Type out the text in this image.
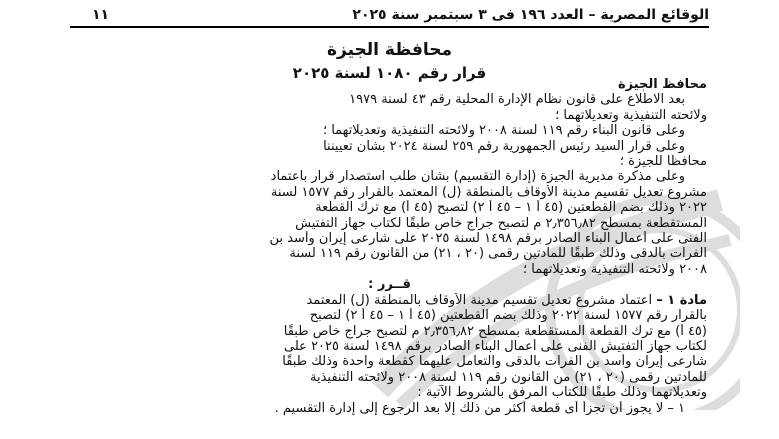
١١	الوقائع المصرية – العدد ١٩٦ فى ٣ سبتمبر سنة ٢٠٢٥
محافظة الجيزة
قرار رقم ١٠٨٠ لسنة ٢٠٢٥
محافظ الجيزة
بعد الاطلاع على قانون نظام الإدارة المحلية رقم ٤٣ لسنة ١٩٧٩
ولائحته التنفيذية وتعديلاتهما ؛
وعلى قانون البناء رقم ١١٩ لسنة ٢٠٠٨ ولائحته التنفيذية وتعديلاتهما ؛
وعلى قرار السيد رئيس الجمهورية رقم ٢٥٩ لسنة ٢٠٢٤ بشأن تعييننا
محافظًا للجيزة ؛
وعلى مذكرة مديرية الجيزة (إدارة التقسيم) بشأن طلب استصدار قرار باعتماد
مشروع تعديل تقسيم مدينة الأوقاف بالمنطقة (ل) المعتمد بالقرار رقم ١٥٧٧ لسنة
٢٠٢٢ وذلك بضم القطعتين (٤٥ أ ١ – ٤٥ أ ٢) لتصبح (٤٥ أ) مع ترك القطعة
المستقطعة بمسطح ٢٫٣٥٦٫٨٢ م لتصبح جراج خاص طبقًا لكتاب جهاز التفتيش
الفنى على أعمال البناء الصادر برقم ١٤٩٨ لسنة ٢٠٢٥ على شارعى إيران وأسد بن
الفرات بالدقى وذلك طبقًا للمادتين رقمى (٢٠ ، ٢١) من القانون رقم ١١٩ لسنة
٢٠٠٨ ولائحته التنفيذية وتعديلاتهما ؛
قــرر :
مادة ١ – اعتماد مشروع تعديل تقسيم مدينة الأوقاف بالمنطقة (ل) المعتمد
بالقرار رقم ١٥٧٧ لسنة ٢٠٢٢ وذلك بضم القطعتين (٤٥ أ ١ – ٤٥ أ ٢) لتصبح
(٤٥ أ) مع ترك القطعة المستقطعة بمسطح ٢٫٣٥٦٫٨٢ م لتصبح جراج خاص طبقًا
لكتاب جهاز التفتيش الفنى على أعمال البناء الصادر برقم ١٤٩٨ لسنة ٢٠٢٥ على
شارعى إيران وأسد بن الفرات بالدقى والتعامل عليهما كقطعة واحدة وذلك طبقًا
للمادتين رقمى (٢٠ ، ٢١) من القانون رقم ١١٩ لسنة ٢٠٠٨ ولائحته التنفيذية
وتعديلاتهما وذلك طبقًا للكتاب المرفق بالشروط الآتية :
١ – لا يجوز أن تجزأ أى قطعة أكثر من ذلك إلا بعد الرجوع إلى إدارة التقسيم .
